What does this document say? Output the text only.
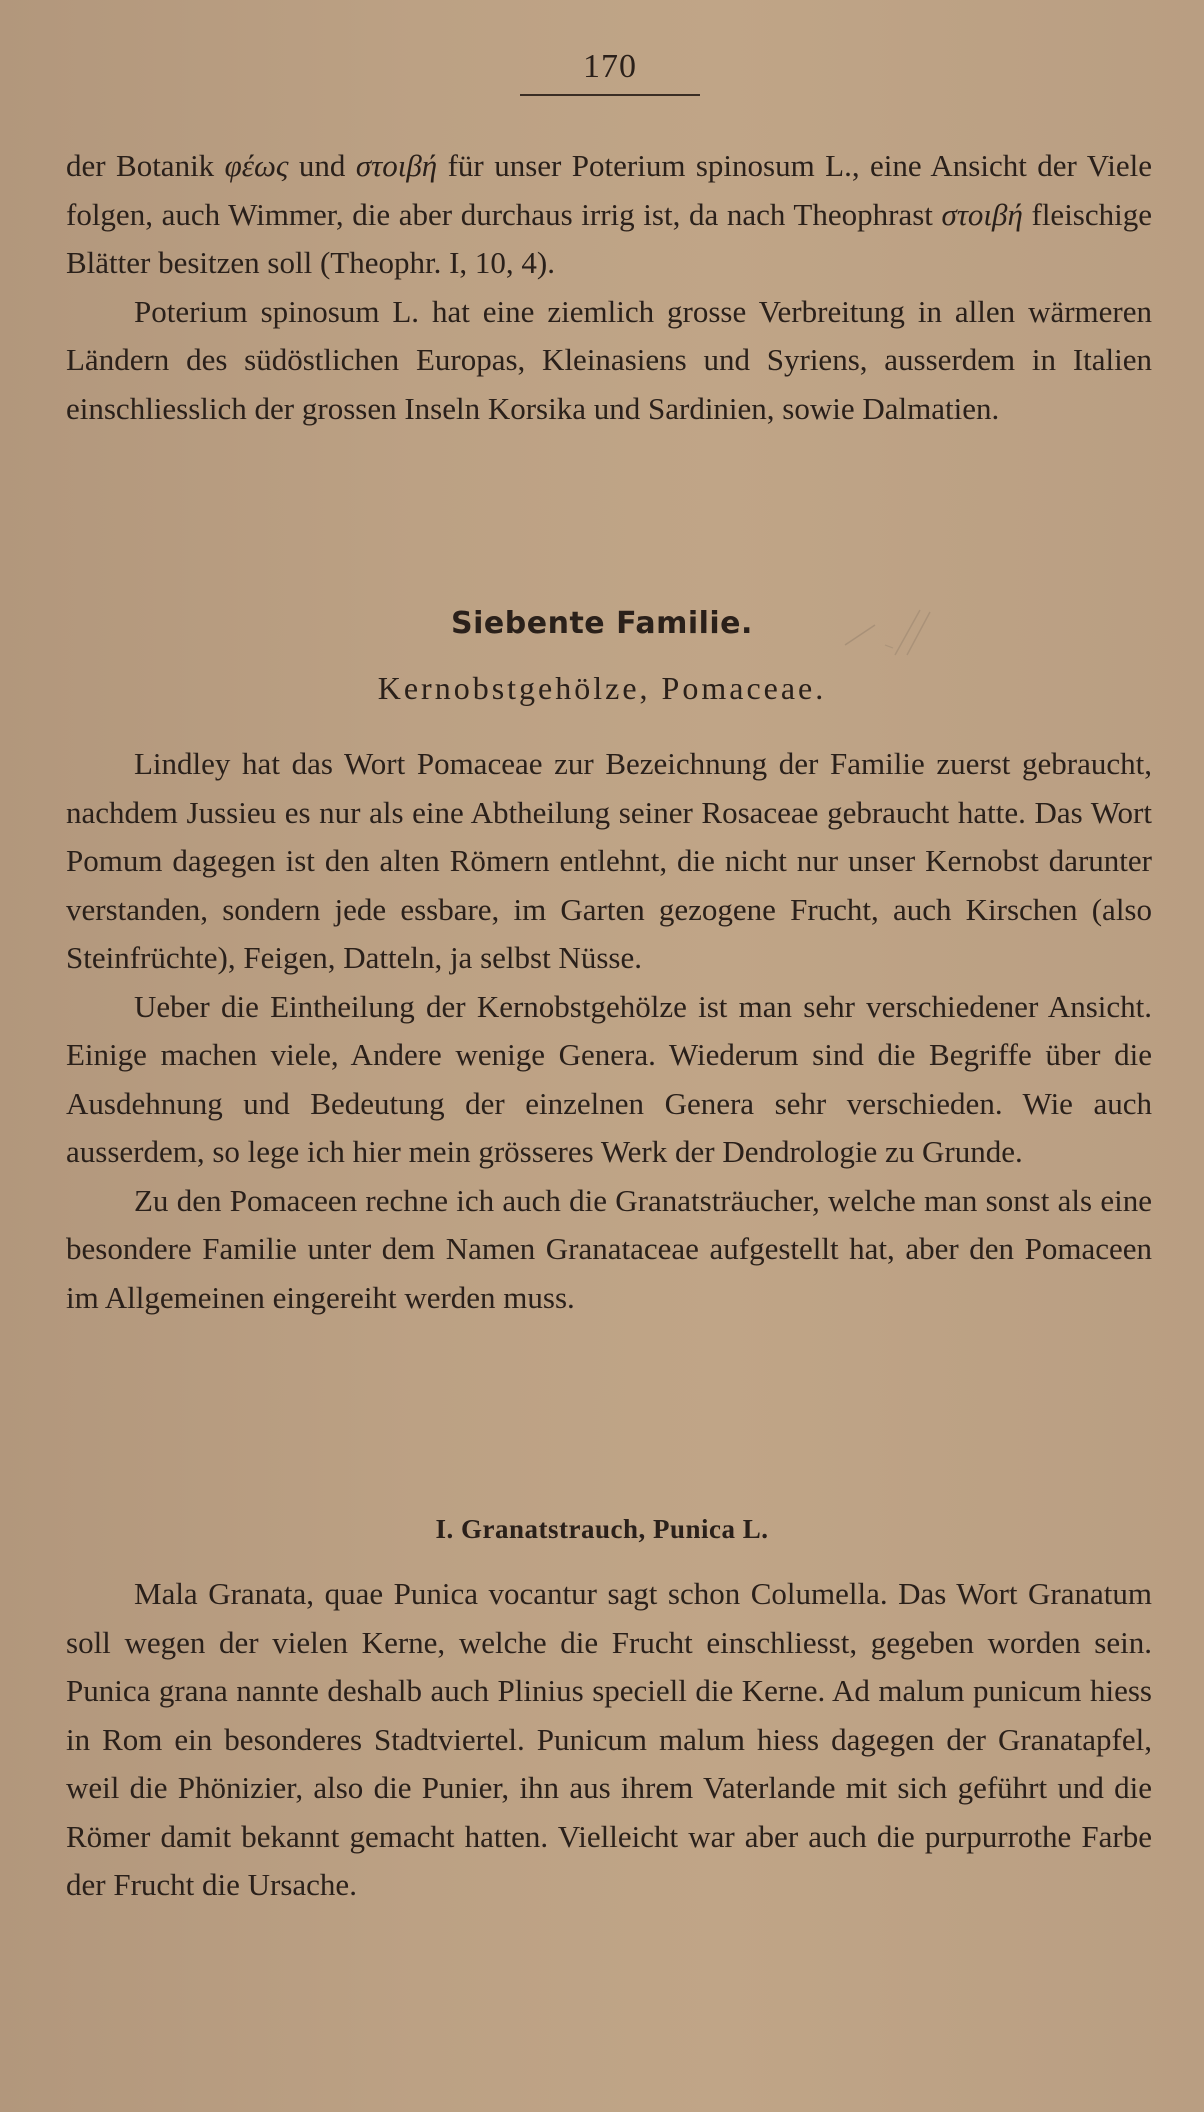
170

der Botanik φέως und στοιβή für unser Poterium spinosum L., eine Ansicht der Viele folgen, auch Wimmer, die aber durchaus irrig ist, da nach Theophrast στοιβή fleischige Blätter besitzen soll (Theophr. I, 10, 4).

Poterium spinosum L. hat eine ziemlich grosse Verbreitung in allen wärmeren Ländern des südöstlichen Europas, Kleinasiens und Syriens, ausserdem in Italien einschliesslich der grossen Inseln Korsika und Sardinien, sowie Dalmatien.

Siebente Familie.
Kernobstgehölze, Pomaceae.

Lindley hat das Wort Pomaceae zur Bezeichnung der Familie zuerst gebraucht, nachdem Jussieu es nur als eine Abtheilung seiner Rosaceae gebraucht hatte. Das Wort Pomum dagegen ist den alten Römern entlehnt, die nicht nur unser Kernobst darunter verstanden, sondern jede essbare, im Garten gezogene Frucht, auch Kirschen (also Steinfrüchte), Feigen, Datteln, ja selbst Nüsse.

Ueber die Eintheilung der Kernobstgehölze ist man sehr verschiedener Ansicht. Einige machen viele, Andere wenige Genera. Wiederum sind die Begriffe über die Ausdehnung und Bedeutung der einzelnen Genera sehr verschieden. Wie auch ausserdem, so lege ich hier mein grösseres Werk der Dendrologie zu Grunde.

Zu den Pomaceen rechne ich auch die Granatsträucher, welche man sonst als eine besondere Familie unter dem Namen Granataceae aufgestellt hat, aber den Pomaceen im Allgemeinen eingereiht werden muss.

I. Granatstrauch, Punica L.

Mala Granata, quae Punica vocantur sagt schon Columella. Das Wort Granatum soll wegen der vielen Kerne, welche die Frucht einschliesst, gegeben worden sein. Punica grana nannte deshalb auch Plinius speciell die Kerne. Ad malum punicum hiess in Rom ein besonderes Stadtviertel. Punicum malum hiess dagegen der Granatapfel, weil die Phönizier, also die Punier, ihn aus ihrem Vaterlande mit sich geführt und die Römer damit bekannt gemacht hatten. Vielleicht war aber auch die purpurrothe Farbe der Frucht die Ursache.
